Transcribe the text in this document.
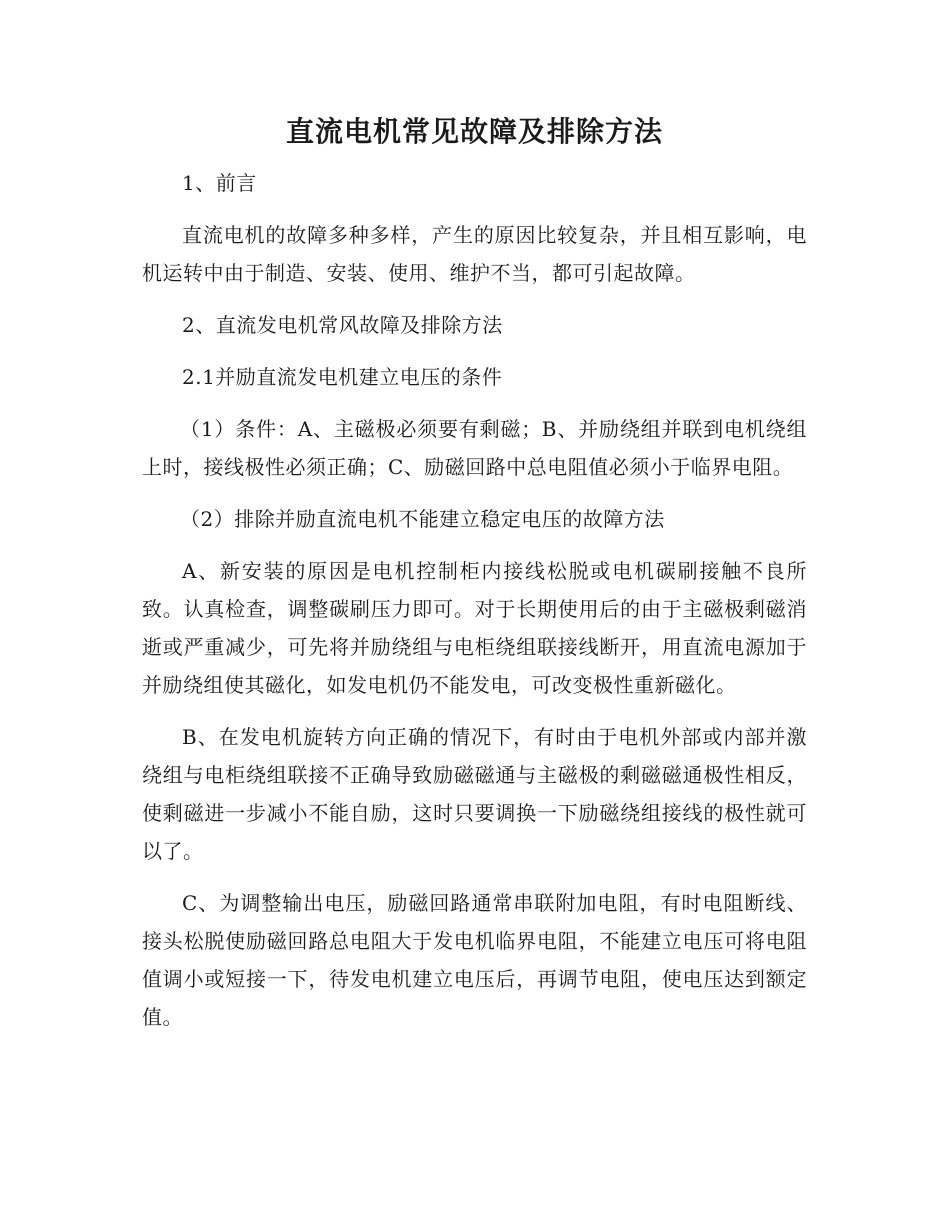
直流电机常见故障及排除方法

1、前言

直流电机的故障多种多样，产生的原因比较复杂，并且相互影响，电机运转中由于制造、安装、使用、维护不当，都可引起故障。

2、直流发电机常风故障及排除方法

2.1并励直流发电机建立电压的条件

（1）条件：A、主磁极必须要有剩磁；B、并励绕组并联到电机绕组上时，接线极性必须正确；C、励磁回路中总电阻值必须小于临界电阻。

（2）排除并励直流电机不能建立稳定电压的故障方法

A、新安装的原因是电机控制柜内接线松脱或电机碳刷接触不良所致。认真检查，调整碳刷压力即可。对于长期使用后的由于主磁极剩磁消逝或严重减少，可先将并励绕组与电柜绕组联接线断开，用直流电源加于并励绕组使其磁化，如发电机仍不能发电，可改变极性重新磁化。

B、在发电机旋转方向正确的情况下，有时由于电机外部或内部并激绕组与电柜绕组联接不正确导致励磁磁通与主磁极的剩磁磁通极性相反，使剩磁进一步减小不能自励，这时只要调换一下励磁绕组接线的极性就可以了。

C、为调整输出电压，励磁回路通常串联附加电阻，有时电阻断线、接头松脱使励磁回路总电阻大于发电机临界电阻，不能建立电压可将电阻值调小或短接一下，待发电机建立电压后，再调节电阻，使电压达到额定值。
